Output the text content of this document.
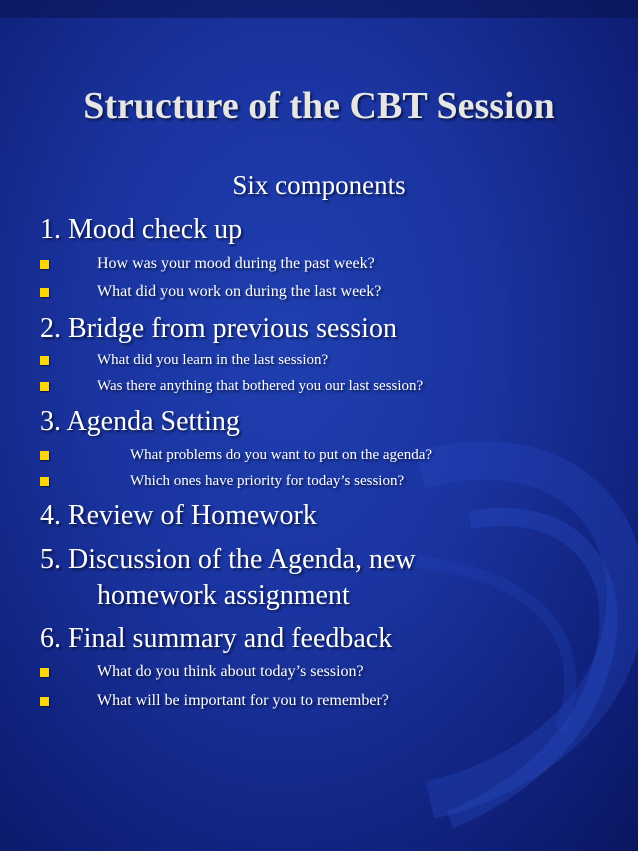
Structure of the CBT Session
Six components
1. Mood check up
How was your mood during the past week?
What did you work on during the last week?
2. Bridge from previous session
What did you learn in the last session?
Was there anything that bothered you our last session?
3. Agenda Setting
What problems do you want to put on the agenda?
Which ones have priority for today’s session?
4. Review of Homework
5. Discussion of the Agenda, new
homework assignment
6. Final summary and feedback
What do you think about today’s session?
What will be important for you to remember?
